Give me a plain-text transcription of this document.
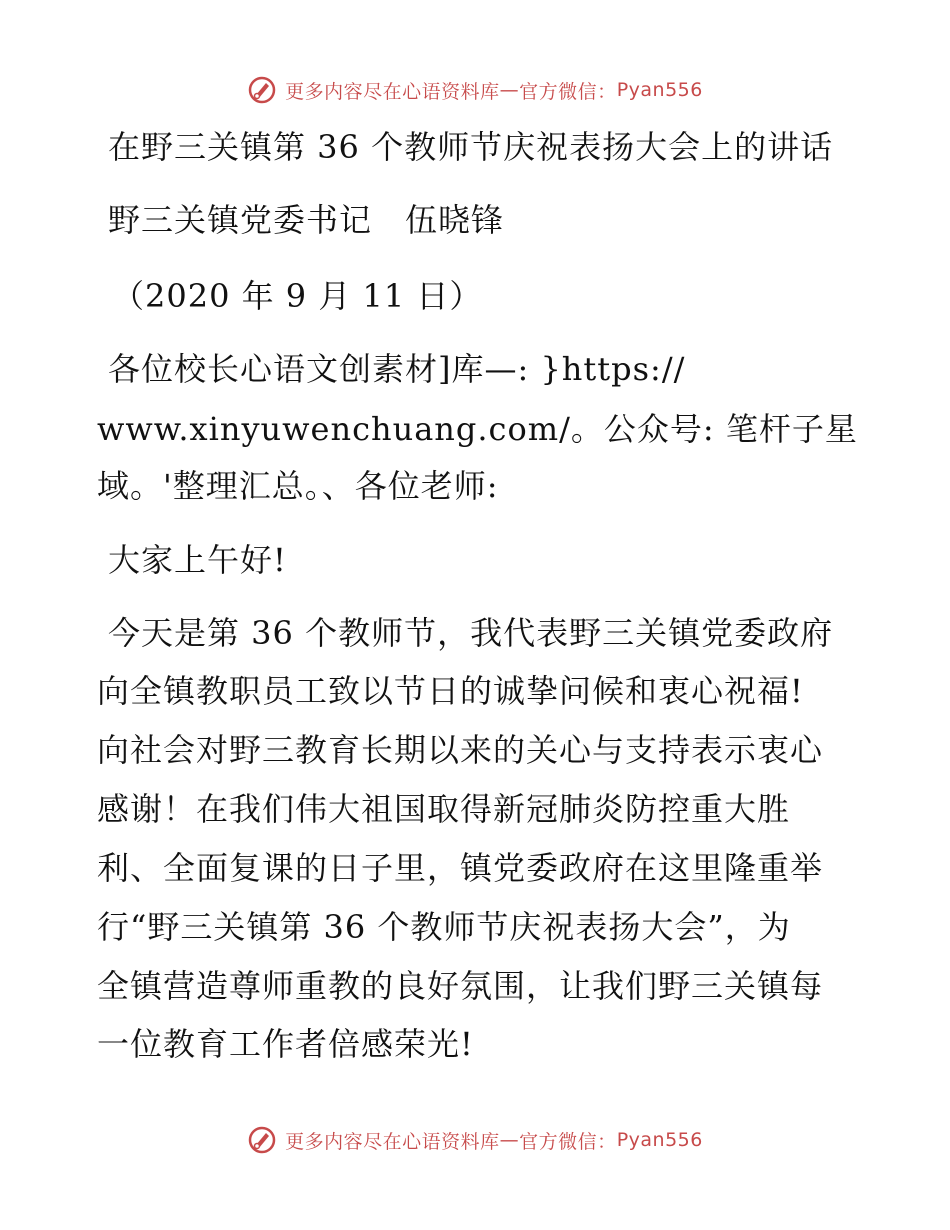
更多内容尽在心语资料库 — 官方微信： Pyan556
在野三关镇第 36 个教师节庆祝表扬大会上的讲话
野三关镇党委书记　伍晓锋
（2020 年 9 月 11 日）
各位校长心语文创素材]库—: }https://
www.xinyuwenchuang.com/。公众号: 笔杆子星
域。'整理汇总。、各位老师:
大家上午好!
今天是第 36 个教师节，我代表野三关镇党委政府
向全镇教职员工致以节日的诚挚问候和衷心祝福!
向社会对野三教育长期以来的关心与支持表示衷心
感谢！在我们伟大祖国取得新冠肺炎防控重大胜
利、全面复课的日子里，镇党委政府在这里隆重举
行“野三关镇第 36 个教师节庆祝表扬大会”，为
全镇营造尊师重教的良好氛围，让我们野三关镇每
一位教育工作者倍感荣光!
更多内容尽在心语资料库 — 官方微信： Pyan556
